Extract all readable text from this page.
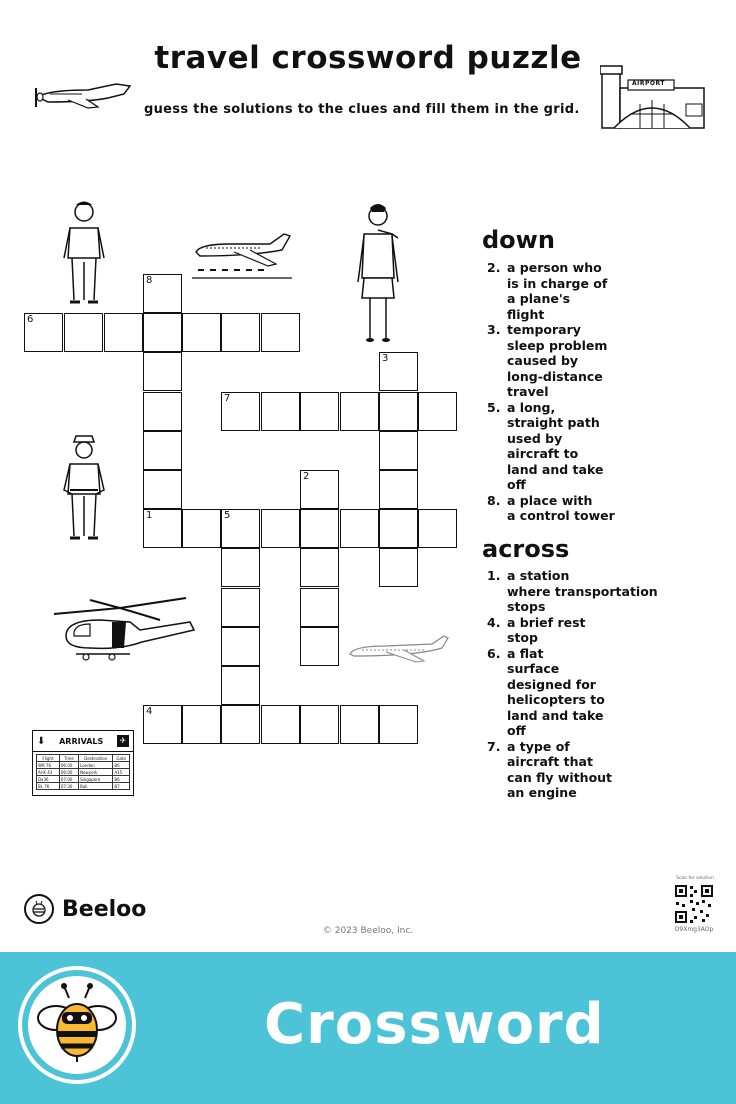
travel crossword puzzle
guess the solutions to the clues and fill them in the grid.
AIRPORT
8
6
3
7
2
1	5
4
down
2. a person who
is in charge of
a plane's
flight
3. temporary
sleep problem
caused by
long-distance
travel
5. a long,
straight path
used by
aircraft to
land and take
off
8. a place with
a control tower
across
1. a station
where transportation
stops
4. a brief rest
stop
6. a flat
surface
designed for
helicopters to
land and take
off
7. a type of
aircraft that
can fly without
an engine
⬇ ARRIVALS	✈
Flight	Time	Destination	Gate
WR 76	06:00	London	B6
AI-K 43	06:00	Newyork	A15
Dx36	07:00	Singapore	B6
BL 76	07:30	Bali	B7
Beeloo
© 2023 Beeloo, Inc.
Scan for solution
O9Xmg3AOp
Crossword
